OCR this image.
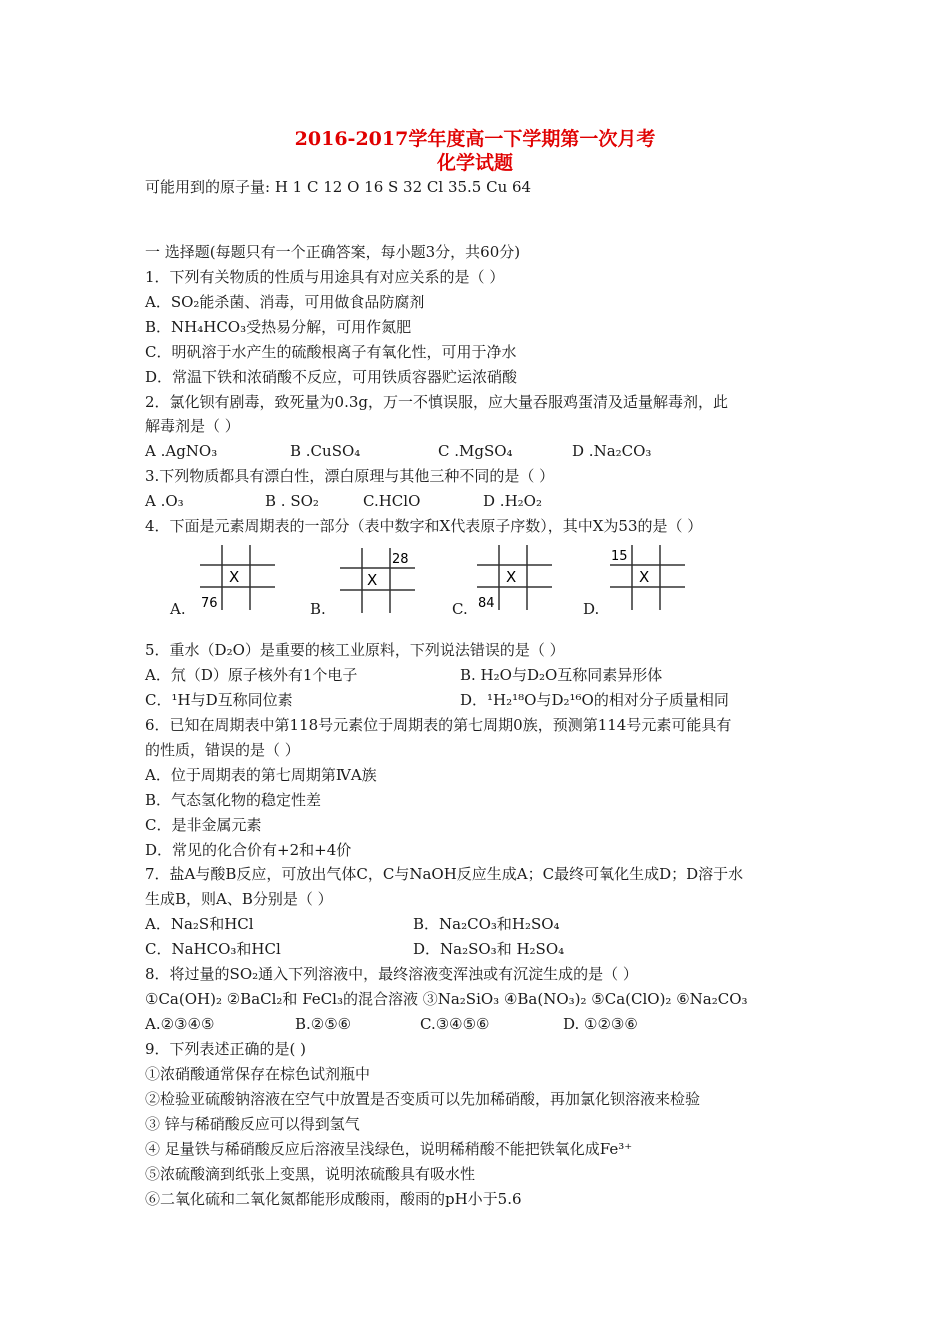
2016-2017学年度高一下学期第一次月考
化学试题
可能用到的原子量: H 1 C 12 O 16 S 32 Cl 35.5 Cu 64
一 选择题(每题只有一个正确答案，每小题3分，共60分)
1．下列有关物质的性质与用途具有对应关系的是（ ）
A．SO₂能杀菌、消毒，可用做食品防腐剂
B．NH₄HCO₃受热易分解，可用作氮肥
C．明矾溶于水产生的硫酸根离子有氧化性，可用于净水
D．常温下铁和浓硝酸不反应，可用铁质容器贮运浓硝酸
2．氯化钡有剧毒，致死量为0.3g，万一不慎误服，应大量吞服鸡蛋清及适量解毒剂，此
解毒剂是（ ）
A .AgNO₃	B .CuSO₄	C .MgSO₄	D .Na₂CO₃
3.下列物质都具有漂白性，漂白原理与其他三种不同的是（ ）
A .O₃	B . SO₂	C.HClO	D .H₂O₂
4．下面是元素周期表的一部分（表中数字和X代表原子序数），其中X为53的是（ ）
A.
X
76	B.
X
28
C.
X
84	D.
X
15
5．重水（D₂O）是重要的核工业原料，下列说法错误的是（ ）
A．氘（D）原子核外有1个电子	B. H₂O与D₂O互称同素异形体
C．¹H与D互称同位素	D．¹H₂¹⁸O与D₂¹⁶O的相对分子质量相同
6．已知在周期表中第118号元素位于周期表的第七周期0族，预测第114号元素可能具有
的性质，错误的是（ ）
A．位于周期表的第七周期第ⅣA族
B．气态氢化物的稳定性差
C．是非金属元素
D．常见的化合价有+2和+4价
7．盐A与酸B反应，可放出气体C，C与NaOH反应生成A；C最终可氧化生成D；D溶于水
生成B，则A、B分别是（ ）
A．Na₂S和HCl	B．Na₂CO₃和H₂SO₄
C．NaHCO₃和HCl	D．Na₂SO₃和 H₂SO₄
8．将过量的SO₂通入下列溶液中，最终溶液变浑浊或有沉淀生成的是（ ）
①Ca(OH)₂ ②BaCl₂和 FeCl₃的混合溶液 ③Na₂SiO₃ ④Ba(NO₃)₂ ⑤Ca(ClO)₂ ⑥Na₂CO₃
A.②③④⑤	B.②⑤⑥	C.③④⑤⑥	D. ①②③⑥
9．下列表述正确的是( )
①浓硝酸通常保存在棕色试剂瓶中
②检验亚硫酸钠溶液在空气中放置是否变质可以先加稀硝酸，再加氯化钡溶液来检验
③ 锌与稀硝酸反应可以得到氢气
④ 足量铁与稀硝酸反应后溶液呈浅绿色，说明稀稍酸不能把铁氧化成Fe³⁺
⑤浓硫酸滴到纸张上变黑，说明浓硫酸具有吸水性
⑥二氧化硫和二氧化氮都能形成酸雨，酸雨的pH小于5.6
